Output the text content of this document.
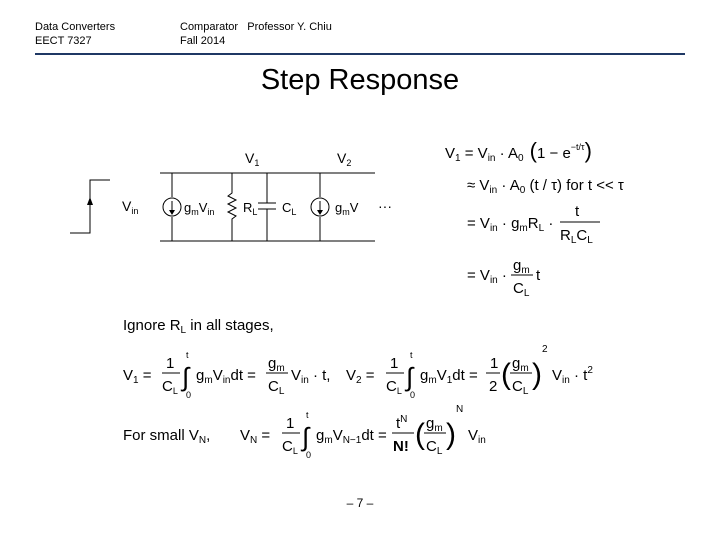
Data Converters
EECT 7327
Comparator Professor Y. Chiu
Fall 2014
Step Response
$V_{in}$	$g_mV_{in}$ $R_L$ $C_L$	$g_mV$ ···
$V_1$	$V_2$
$V_1 = V_{in} \cdot A_0$ $(1 - e^{-t/\tau})$
≈ $V_{in} \cdot A_0$ (t / τ) for t << τ
= $V_{in} \cdot g_mR_L$ ·
t
$R_LC_L$
= $V_{in}$ ·
$g_m$
$C_L$
t
Ignore $R_L$ in all stages,
$V_1$ =
1
$C_L$ ∫
t
0
$g_mV_{in}dt$ =
$g_m$
$C_L$
$V_{in} \cdot t$, $V_2$ =
1
$C_L$ ∫
t
0
$g_mV_1dt$ =
1
2 ( $g_m$
$C_L$
)
2
$V_{in} \cdot t^2$
For small $V_N$, $V_N$ =
1
$C_L$ ∫
t
0
$g_mV_{N-1}dt$ =
$t^N$
N! ( $g_m$
$C_L$
)
N
$V_{in}$
– 7 –
